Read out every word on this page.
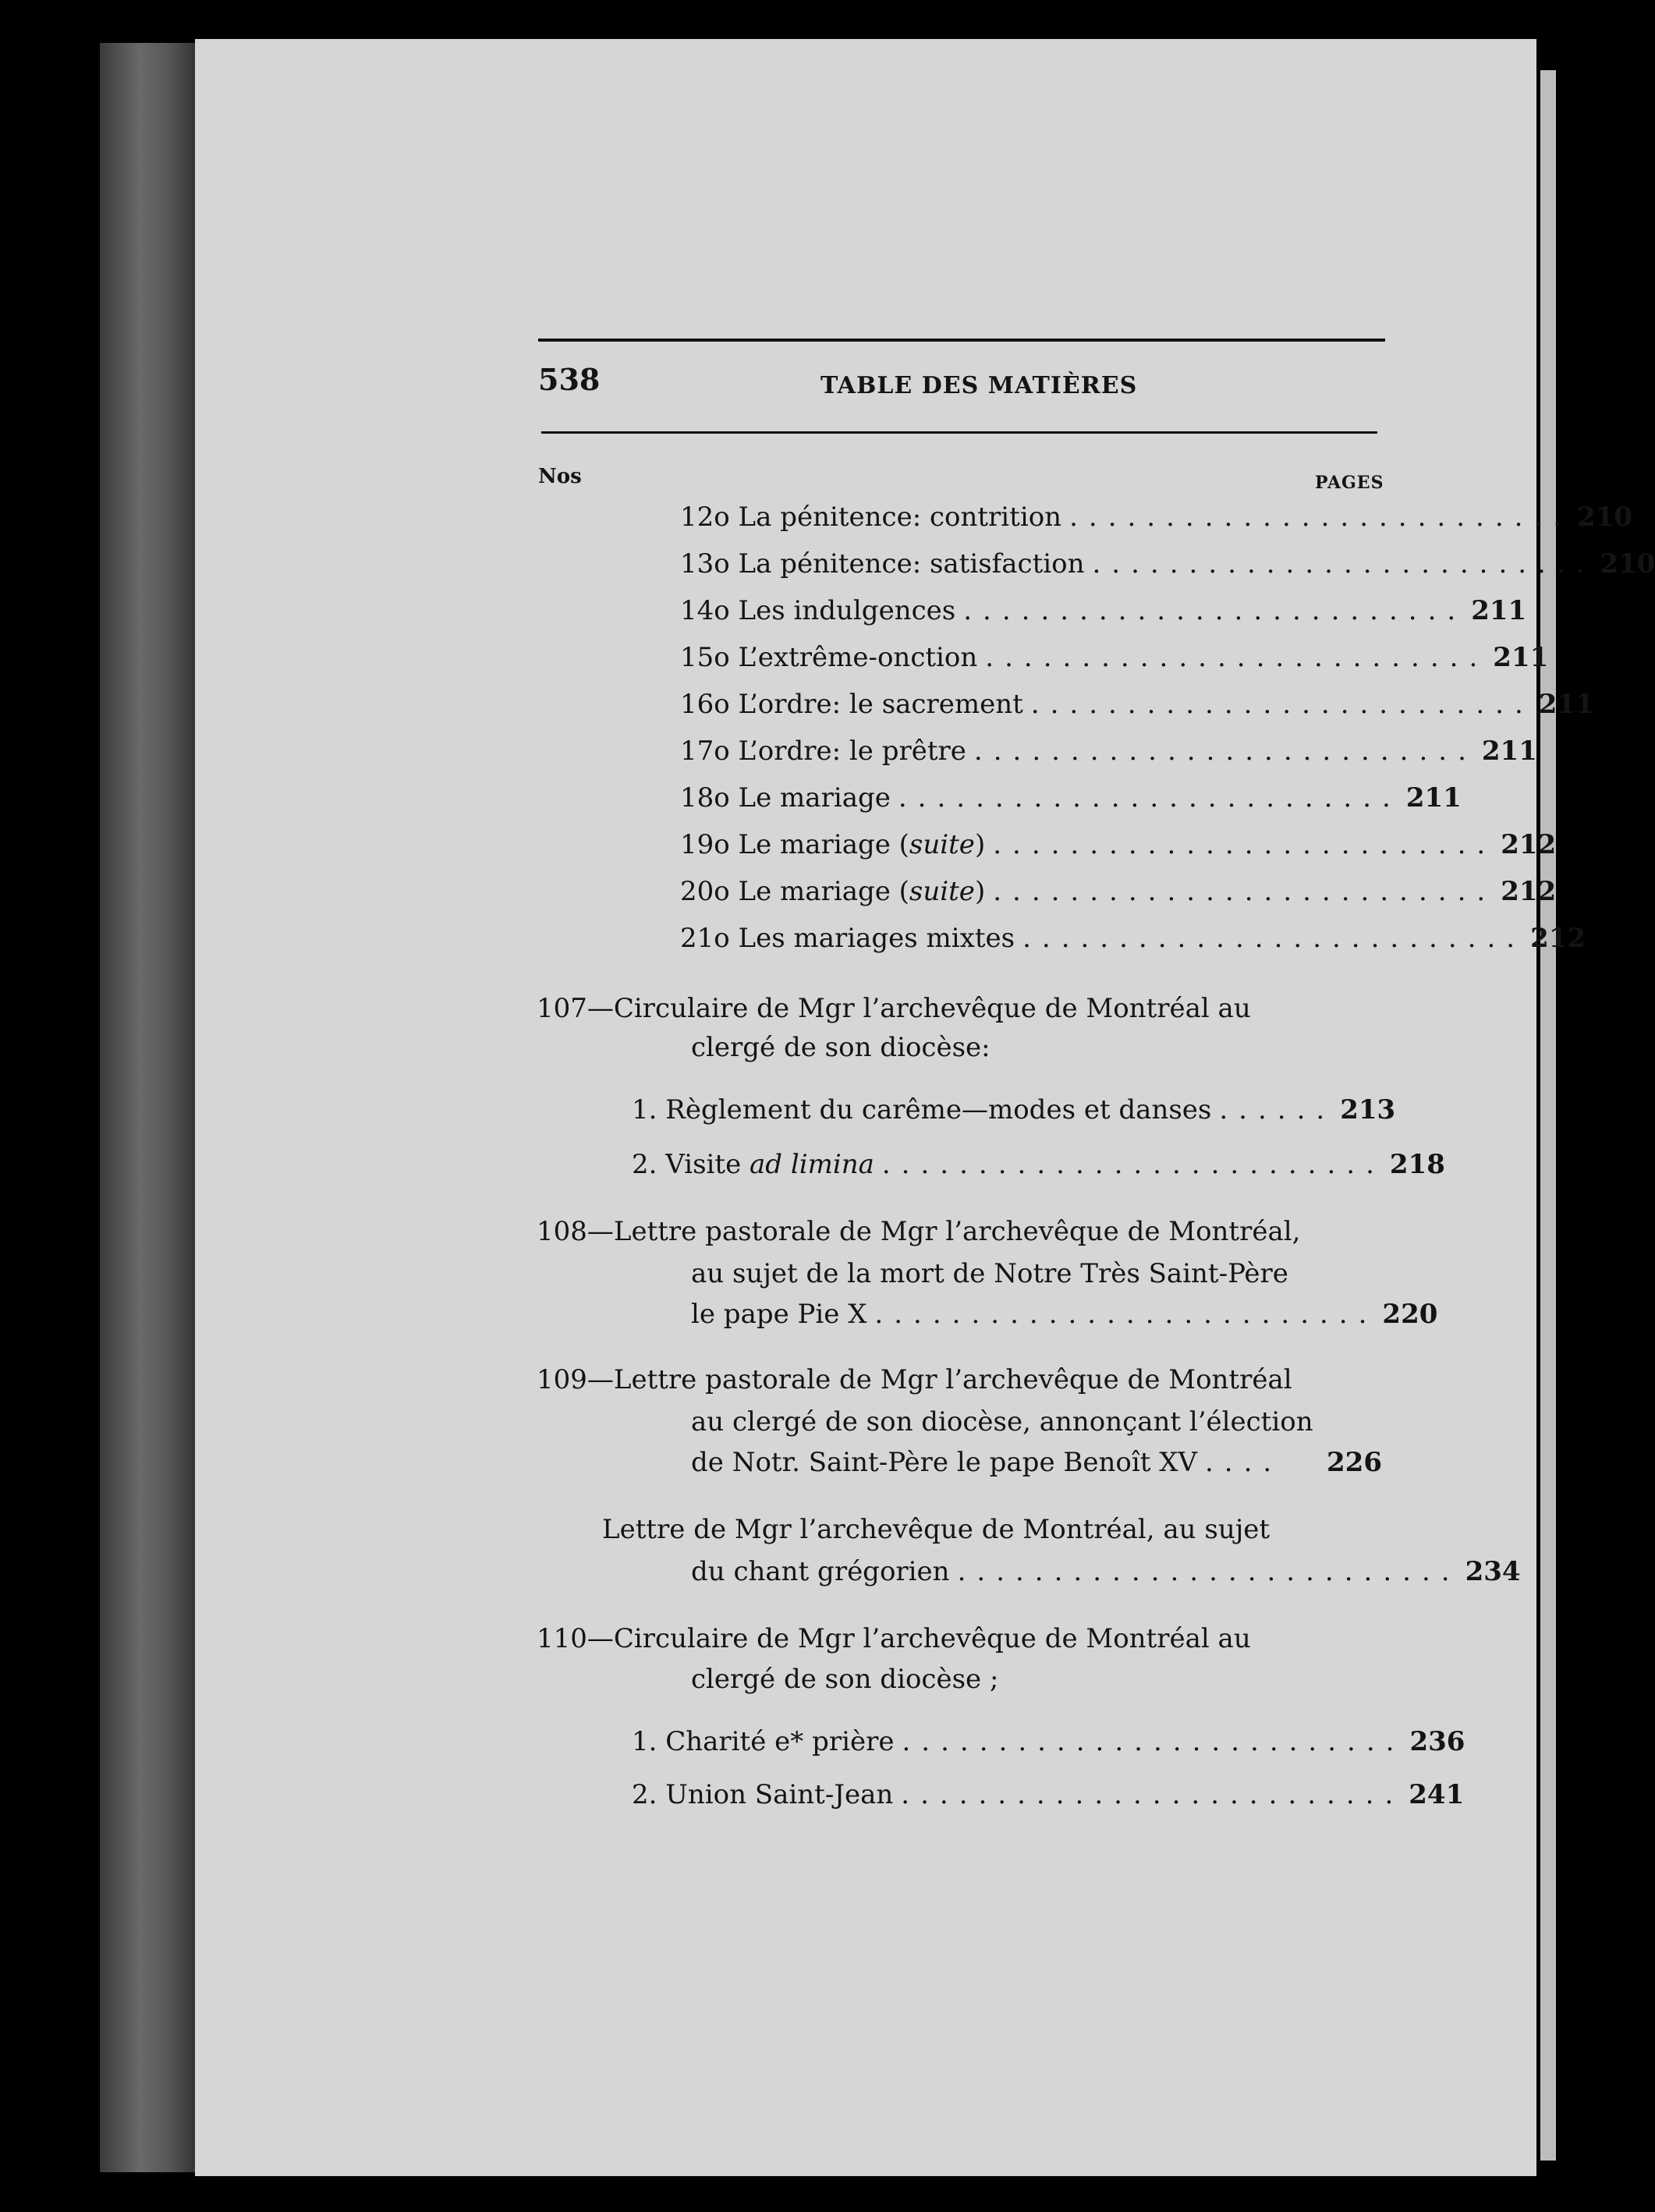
538	TABLE DES MATIÈRES
Nos	PAGES
12o La pénitence: contrition .......................... 210
13o La pénitence: satisfaction .......................... 210
14o Les indulgences .......................... 211
15o L’extrême-onction .......................... 211
16o L’ordre: le sacrement .......................... 211
17o L’ordre: le prêtre .......................... 211
18o Le mariage .......................... 211
19o Le mariage (suite) .......................... 212
20o Le mariage (suite) .......................... 212
21o Les mariages mixtes .......................... 212
107—Circulaire de Mgr l’archevêque de Montréal au
clergé de son diocèse:
1. Règlement du carême—modes et danses ...... 213
2. Visite ad limina .......................... 218
108—Lettre pastorale de Mgr l’archevêque de Montréal,
au sujet de la mort de Notre Très Saint-Père
le pape Pie X .......................... 220
109—Lettre pastorale de Mgr l’archevêque de Montréal
au clergé de son diocèse, annonçant l’élection
de Notr. Saint-Père le pape Benoît XV ....	226
Lettre de Mgr l’archevêque de Montréal, au sujet
du chant grégorien .......................... 234
110—Circulaire de Mgr l’archevêque de Montréal au
clergé de son diocèse ;
1. Charité e* prière .......................... 236
2. Union Saint-Jean .......................... 241
